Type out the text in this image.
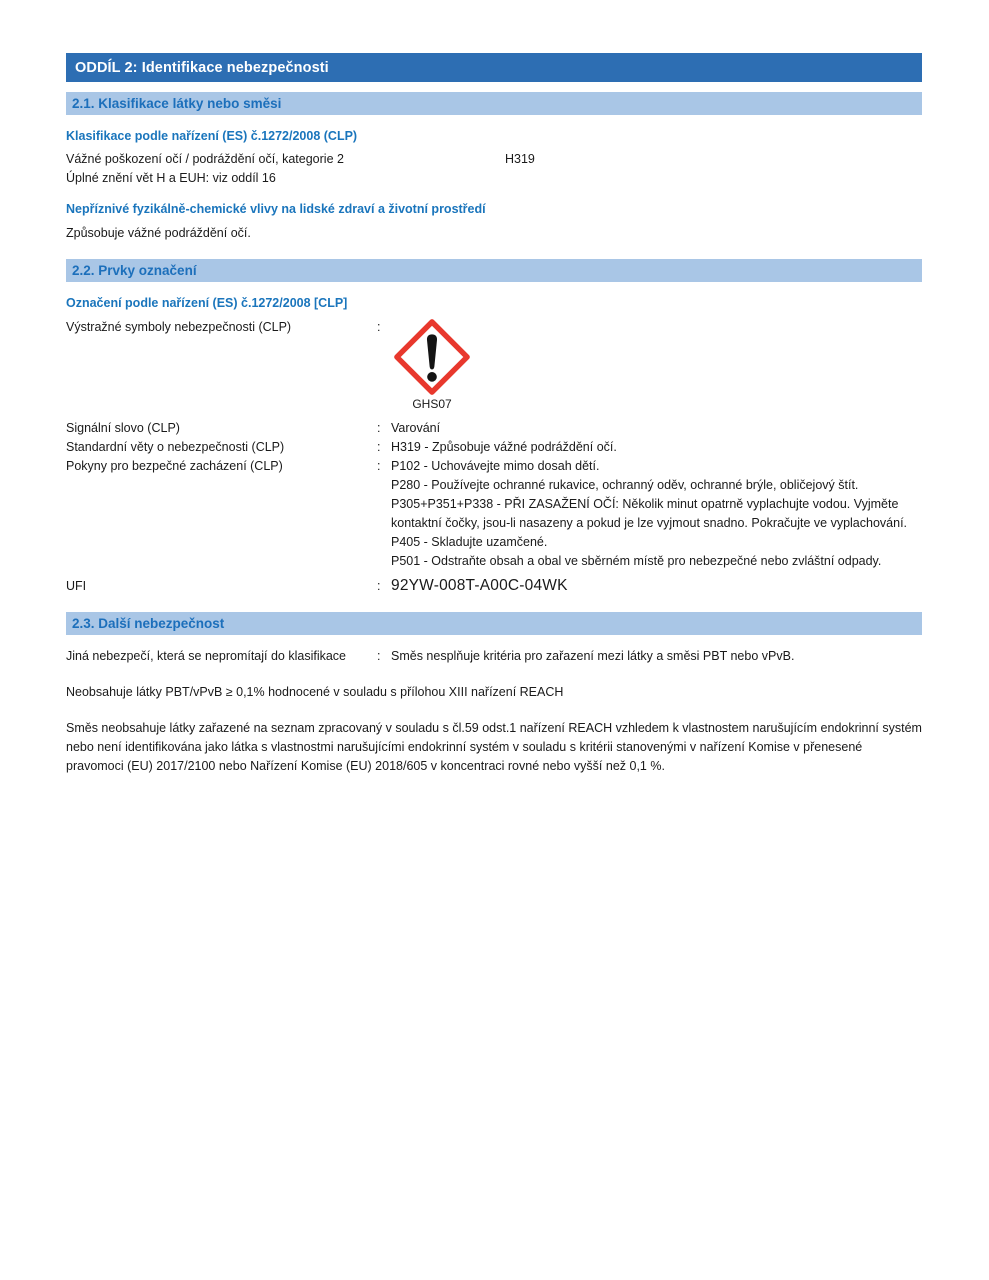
ODDÍL 2: Identifikace nebezpečnosti
2.1. Klasifikace látky nebo směsi
Klasifikace podle nařízení (ES) č.1272/2008 (CLP)
Vážné poškození očí / podráždění očí, kategorie 2	H319
Úplné znění vět H a EUH: viz oddíl 16
Nepříznivé fyzikálně-chemické vlivy na lidské zdraví a životní prostředí
Způsobuje vážné podráždění očí.
2.2. Prvky označení
Označení podle nařízení (ES) č.1272/2008 [CLP]
Výstražné symboly nebezpečnosti (CLP)	:
GHS07
Signální slovo (CLP)	: Varování
Standardní věty o nebezpečnosti (CLP)	: H319 - Způsobuje vážné podráždění očí.
Pokyny pro bezpečné zacházení (CLP)	: P102 - Uchovávejte mimo dosah dětí.
P280 - Používejte ochranné rukavice, ochranný oděv, ochranné brýle, obličejový štít.
P305+P351+P338 - PŘI ZASAŽENÍ OČÍ: Několik minut opatrně vyplachujte vodou. Vyjměte kontaktní čočky, jsou-li nasazeny a pokud je lze vyjmout snadno. Pokračujte ve vyplachování.
P405 - Skladujte uzamčené.
P501 - Odstraňte obsah a obal ve sběrném místě pro nebezpečné nebo zvláštní odpady.
UFI	: 92YW-008T-A00C-04WK
2.3. Další nebezpečnost
Jiná nebezpečí, která se nepromítají do klasifikace	: Směs nesplňuje kritéria pro zařazení mezi látky a směsi PBT nebo vPvB.
Neobsahuje látky PBT/vPvB ≥ 0,1% hodnocené v souladu s přílohou XIII nařízení REACH
Směs neobsahuje látky zařazené na seznam zpracovaný v souladu s čl.59 odst.1 nařízení REACH vzhledem k vlastnostem narušujícím endokrinní systém nebo není identifikována jako látka s vlastnostmi narušujícími endokrinní systém v souladu s kritérii stanovenými v nařízení Komise v přenesené pravomoci (EU) 2017/2100 nebo Nařízení Komise (EU) 2018/605 v koncentraci rovné nebo vyšší než 0,1 %.
